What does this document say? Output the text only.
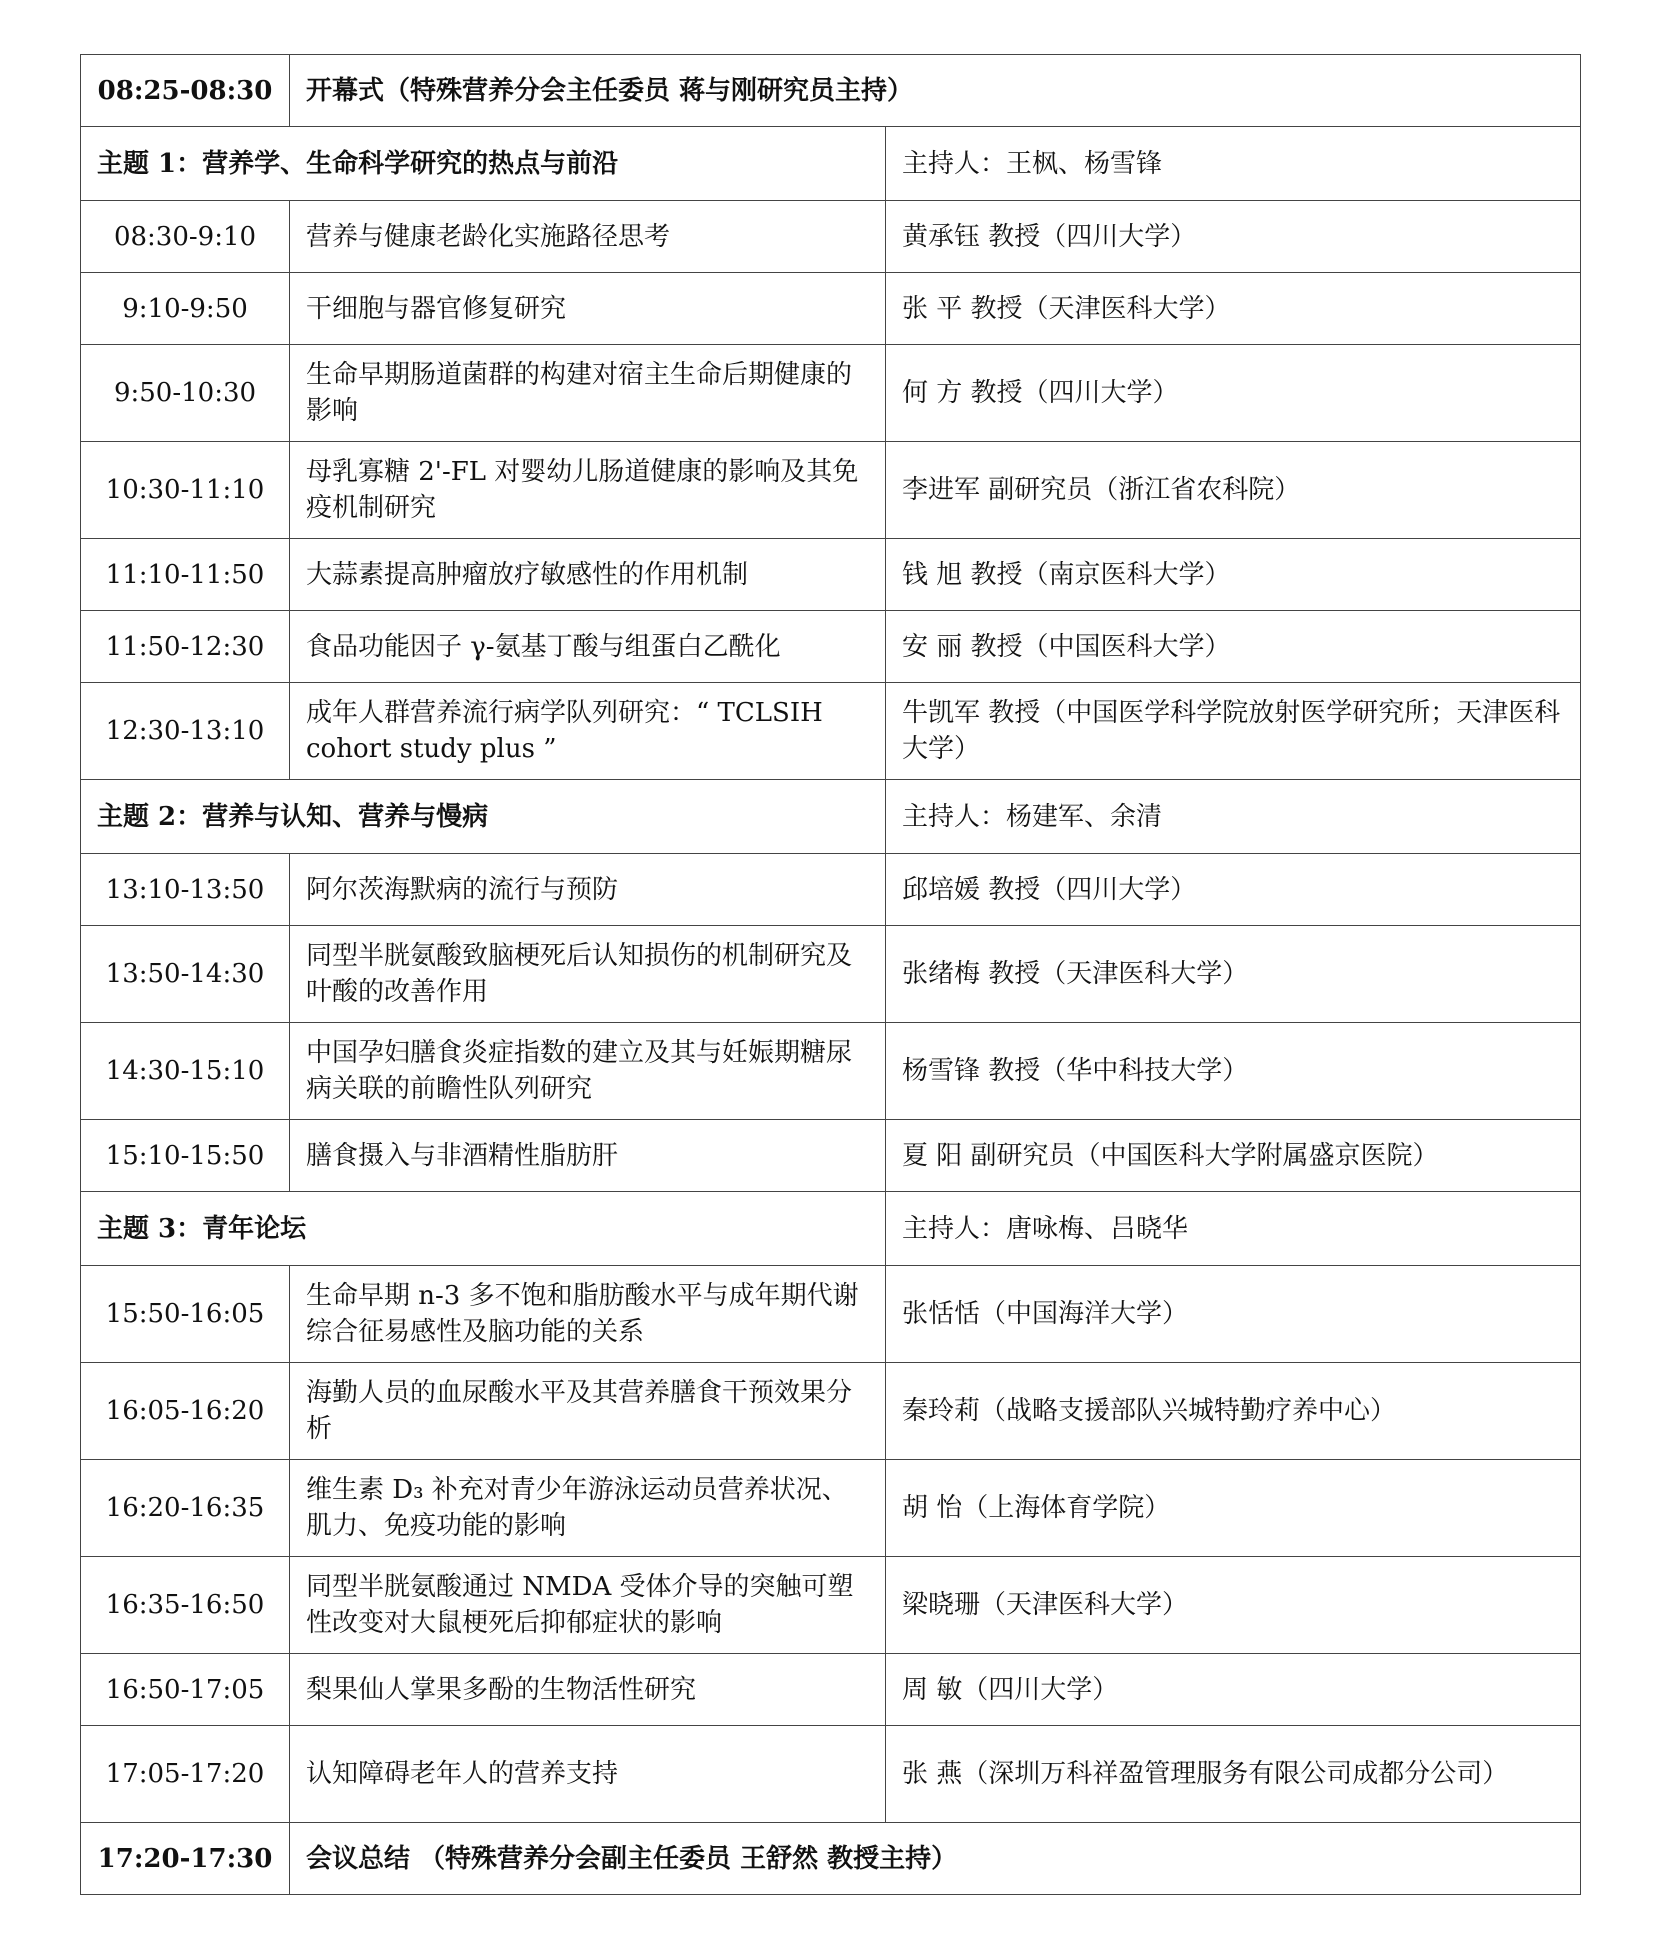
08:25-08:30	开幕式（特殊营养分会主任委员 蒋与刚研究员主持）	
主题 1：营养学、生命科学研究的热点与前沿		主持人：王枫、杨雪锋
08:30-9:10	营养与健康老龄化实施路径思考	黄承钰 教授（四川大学）
9:10-9:50	干细胞与器官修复研究	张 平 教授（天津医科大学）
9:50-10:30	生命早期肠道菌群的构建对宿主生命后期健康的影响	何 方 教授（四川大学）
10:30-11:10	母乳寡糖 2'-FL 对婴幼儿肠道健康的影响及其免疫机制研究	李进军 副研究员（浙江省农科院）
11:10-11:50	大蒜素提高肿瘤放疗敏感性的作用机制	钱 旭 教授（南京医科大学）
11:50-12:30	食品功能因子 γ-氨基丁酸与组蛋白乙酰化	安 丽 教授（中国医科大学）
12:30-13:10	成年人群营养流行病学队列研究：“ TCLSIH cohort study plus ”	牛凯军 教授（中国医学科学院放射医学研究所；天津医科大学）
主题 2：营养与认知、营养与慢病		主持人：杨建军、余清
13:10-13:50	阿尔茨海默病的流行与预防	邱培媛 教授（四川大学）
13:50-14:30	同型半胱氨酸致脑梗死后认知损伤的机制研究及叶酸的改善作用	张绪梅 教授（天津医科大学）
14:30-15:10	中国孕妇膳食炎症指数的建立及其与妊娠期糖尿病关联的前瞻性队列研究	杨雪锋 教授（华中科技大学）
15:10-15:50	膳食摄入与非酒精性脂肪肝	夏 阳 副研究员（中国医科大学附属盛京医院）
主题 3：青年论坛		主持人：唐咏梅、吕晓华
15:50-16:05	生命早期 n-3 多不饱和脂肪酸水平与成年期代谢综合征易感性及脑功能的关系	张恬恬（中国海洋大学）
16:05-16:20	海勤人员的血尿酸水平及其营养膳食干预效果分析	秦玲莉（战略支援部队兴城特勤疗养中心）
16:20-16:35	维生素 D₃ 补充对青少年游泳运动员营养状况、肌力、免疫功能的影响	胡 怡（上海体育学院）
16:35-16:50	同型半胱氨酸通过 NMDA 受体介导的突触可塑性改变对大鼠梗死后抑郁症状的影响	梁晓珊（天津医科大学）
16:50-17:05	梨果仙人掌果多酚的生物活性研究	周 敏（四川大学）
17:05-17:20	认知障碍老年人的营养支持	张 燕（深圳万科祥盈管理服务有限公司成都分公司）
17:20-17:30	会议总结 （特殊营养分会副主任委员 王舒然 教授主持）	
